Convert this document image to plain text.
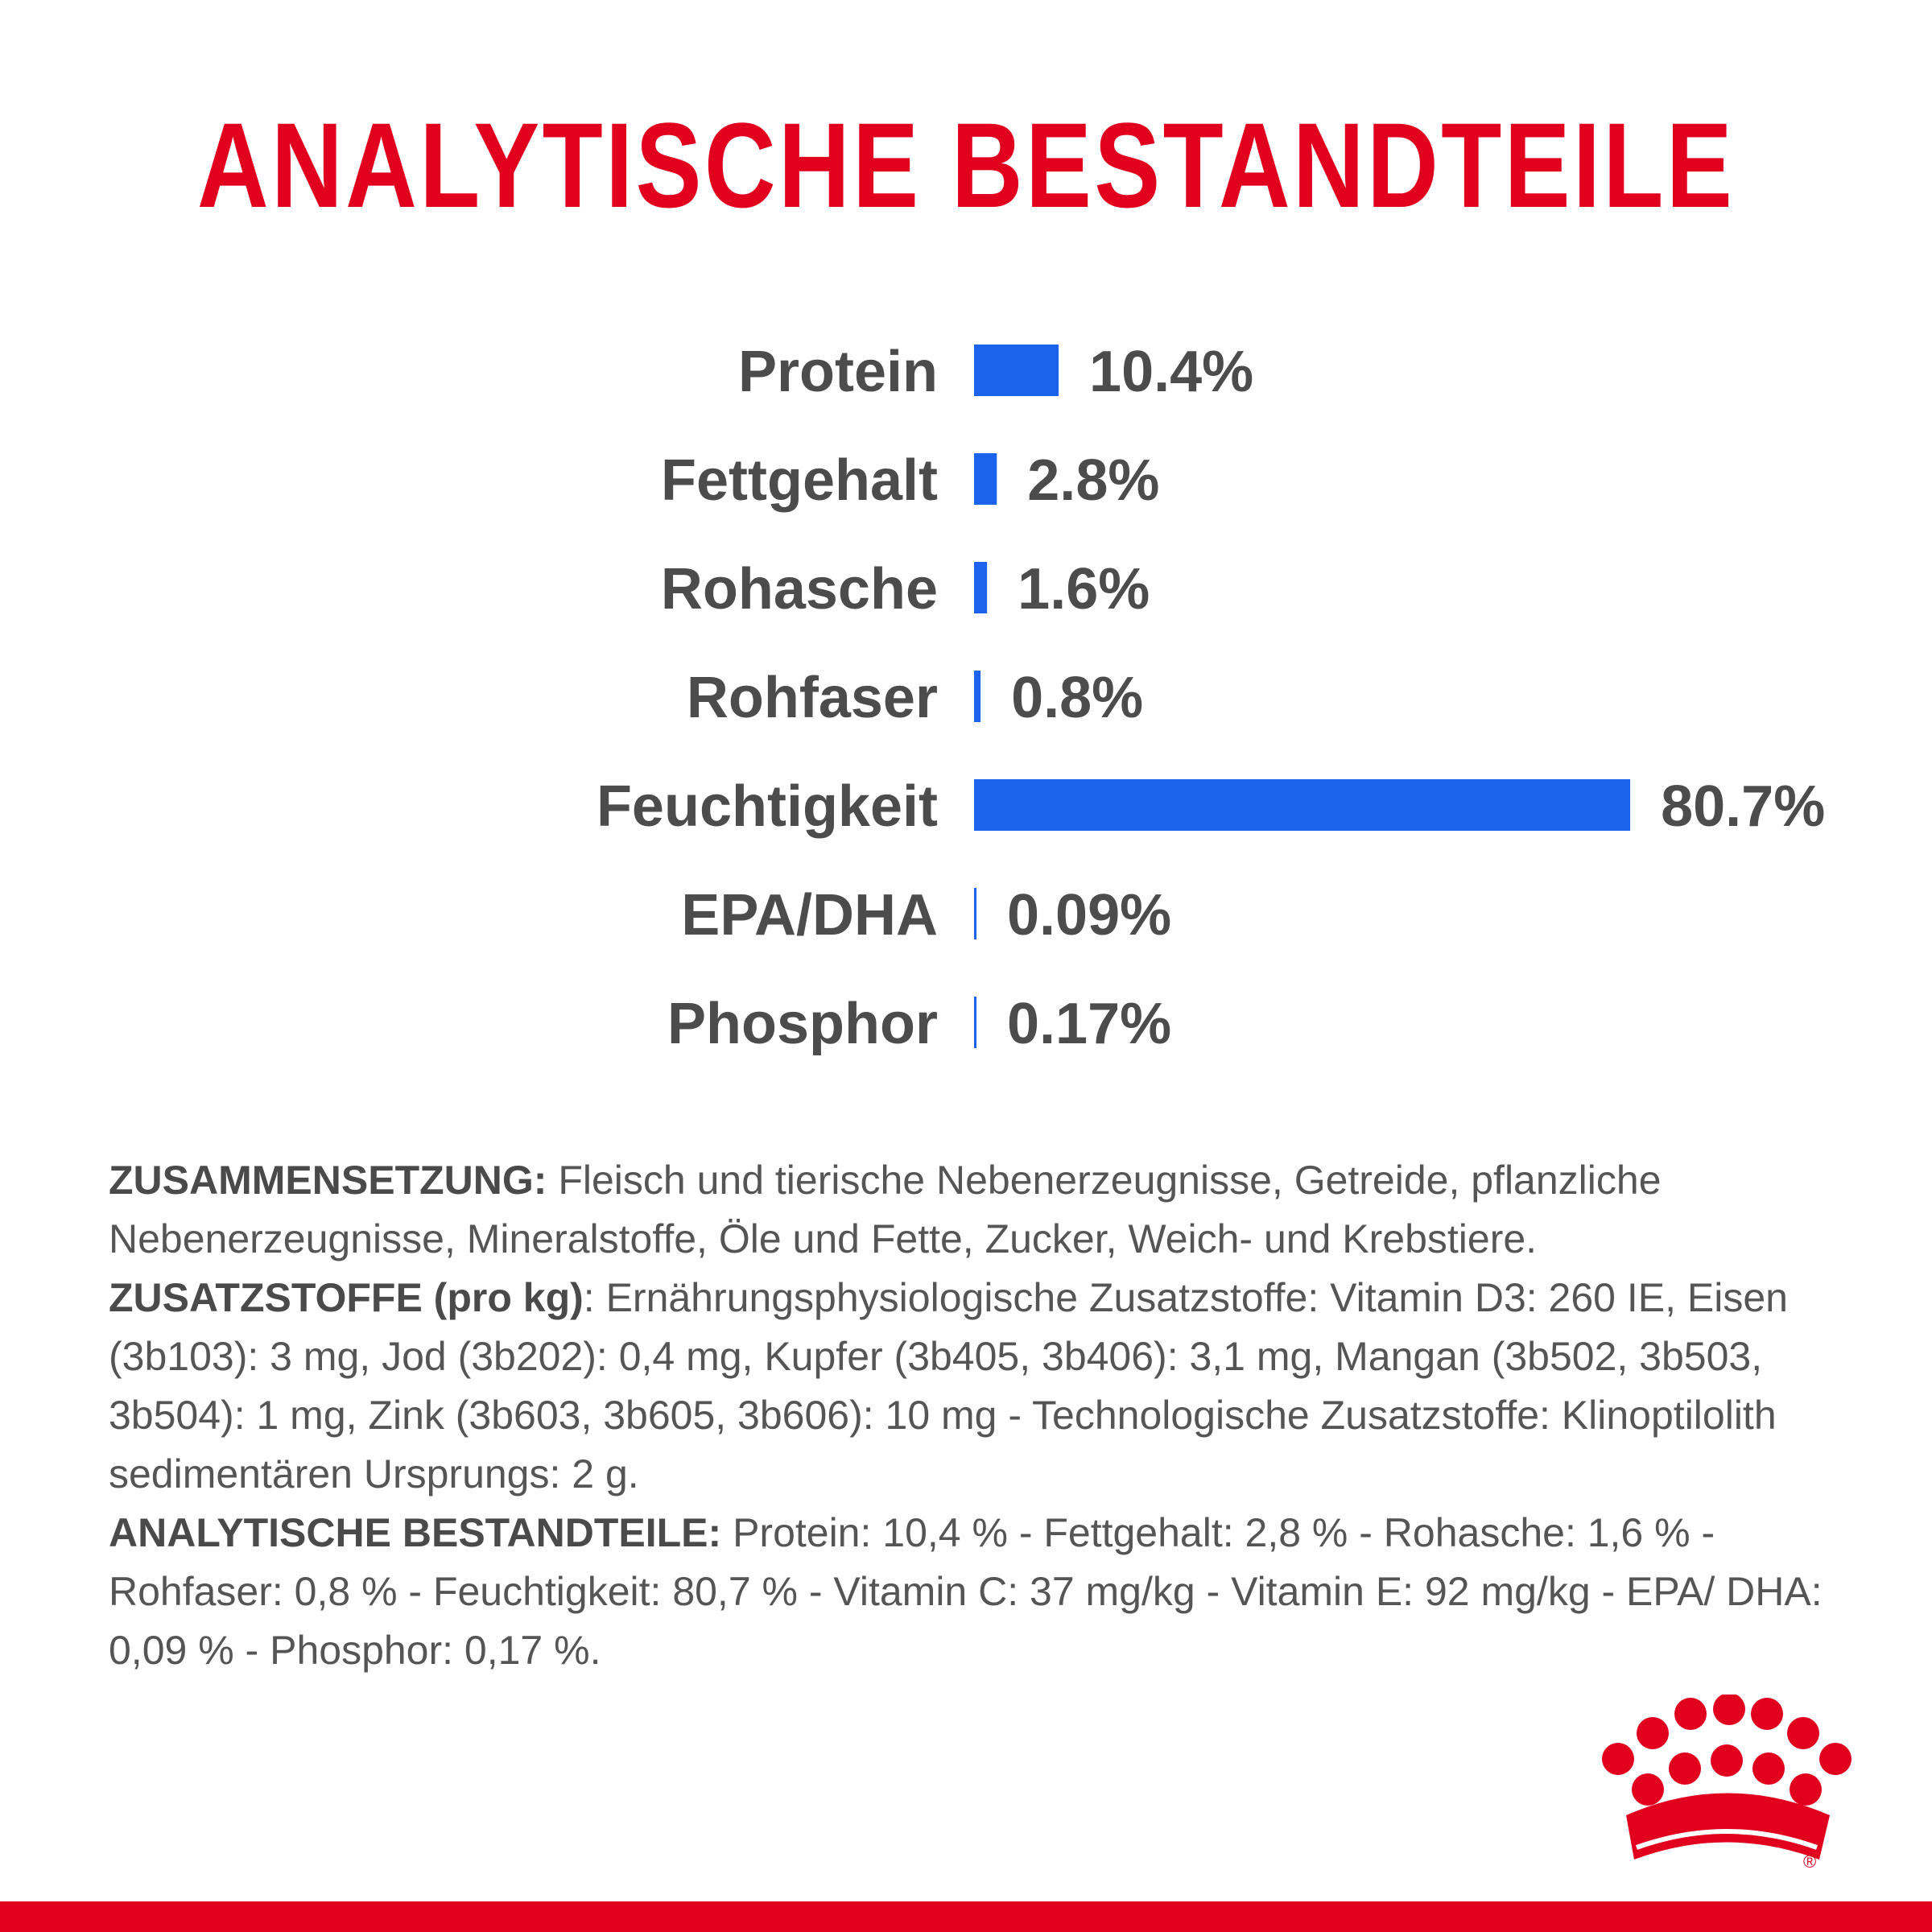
ANALYTISCHE BESTANDTEILE
Protein	10.4%
Fettgehalt 2.8%
Rohasche 1.6%
Rohfaser 0.8%
Feuchtigkeit	80.7%
EPA/DHA 0.09%
Phosphor 0.17%

ZUSAMMENSETZUNG: Fleisch und tierische Nebenerzeugnisse, Getreide, pflanzliche Nebenerzeugnisse, Mineralstoffe, Öle und Fette, Zucker, Weich- und Krebstiere.

ZUSATZSTOFFE (pro kg): Ernährungsphysiologische Zusatzstoffe: Vitamin D3: 260 IE, Eisen (3b103): 3 mg, Jod (3b202): 0,4 mg, Kupfer (3b405, 3b406): 3,1 mg, Mangan (3b502, 3b503, 3b504): 1 mg, Zink (3b603, 3b605, 3b606): 10 mg - Technologische Zusatzstoffe: Klinoptilolith sedimentären Ursprungs: 2 g.

ANALYTISCHE BESTANDTEILE: Protein: 10,4 % - Fettgehalt: 2,8 % - Rohasche: 1,6 % - Rohfaser: 0,8 % - Feuchtigkeit: 80,7 % - Vitamin C: 37 mg/kg - Vitamin E: 92 mg/kg - EPA/ DHA: 0,09 % - Phosphor: 0,17 %.

®
